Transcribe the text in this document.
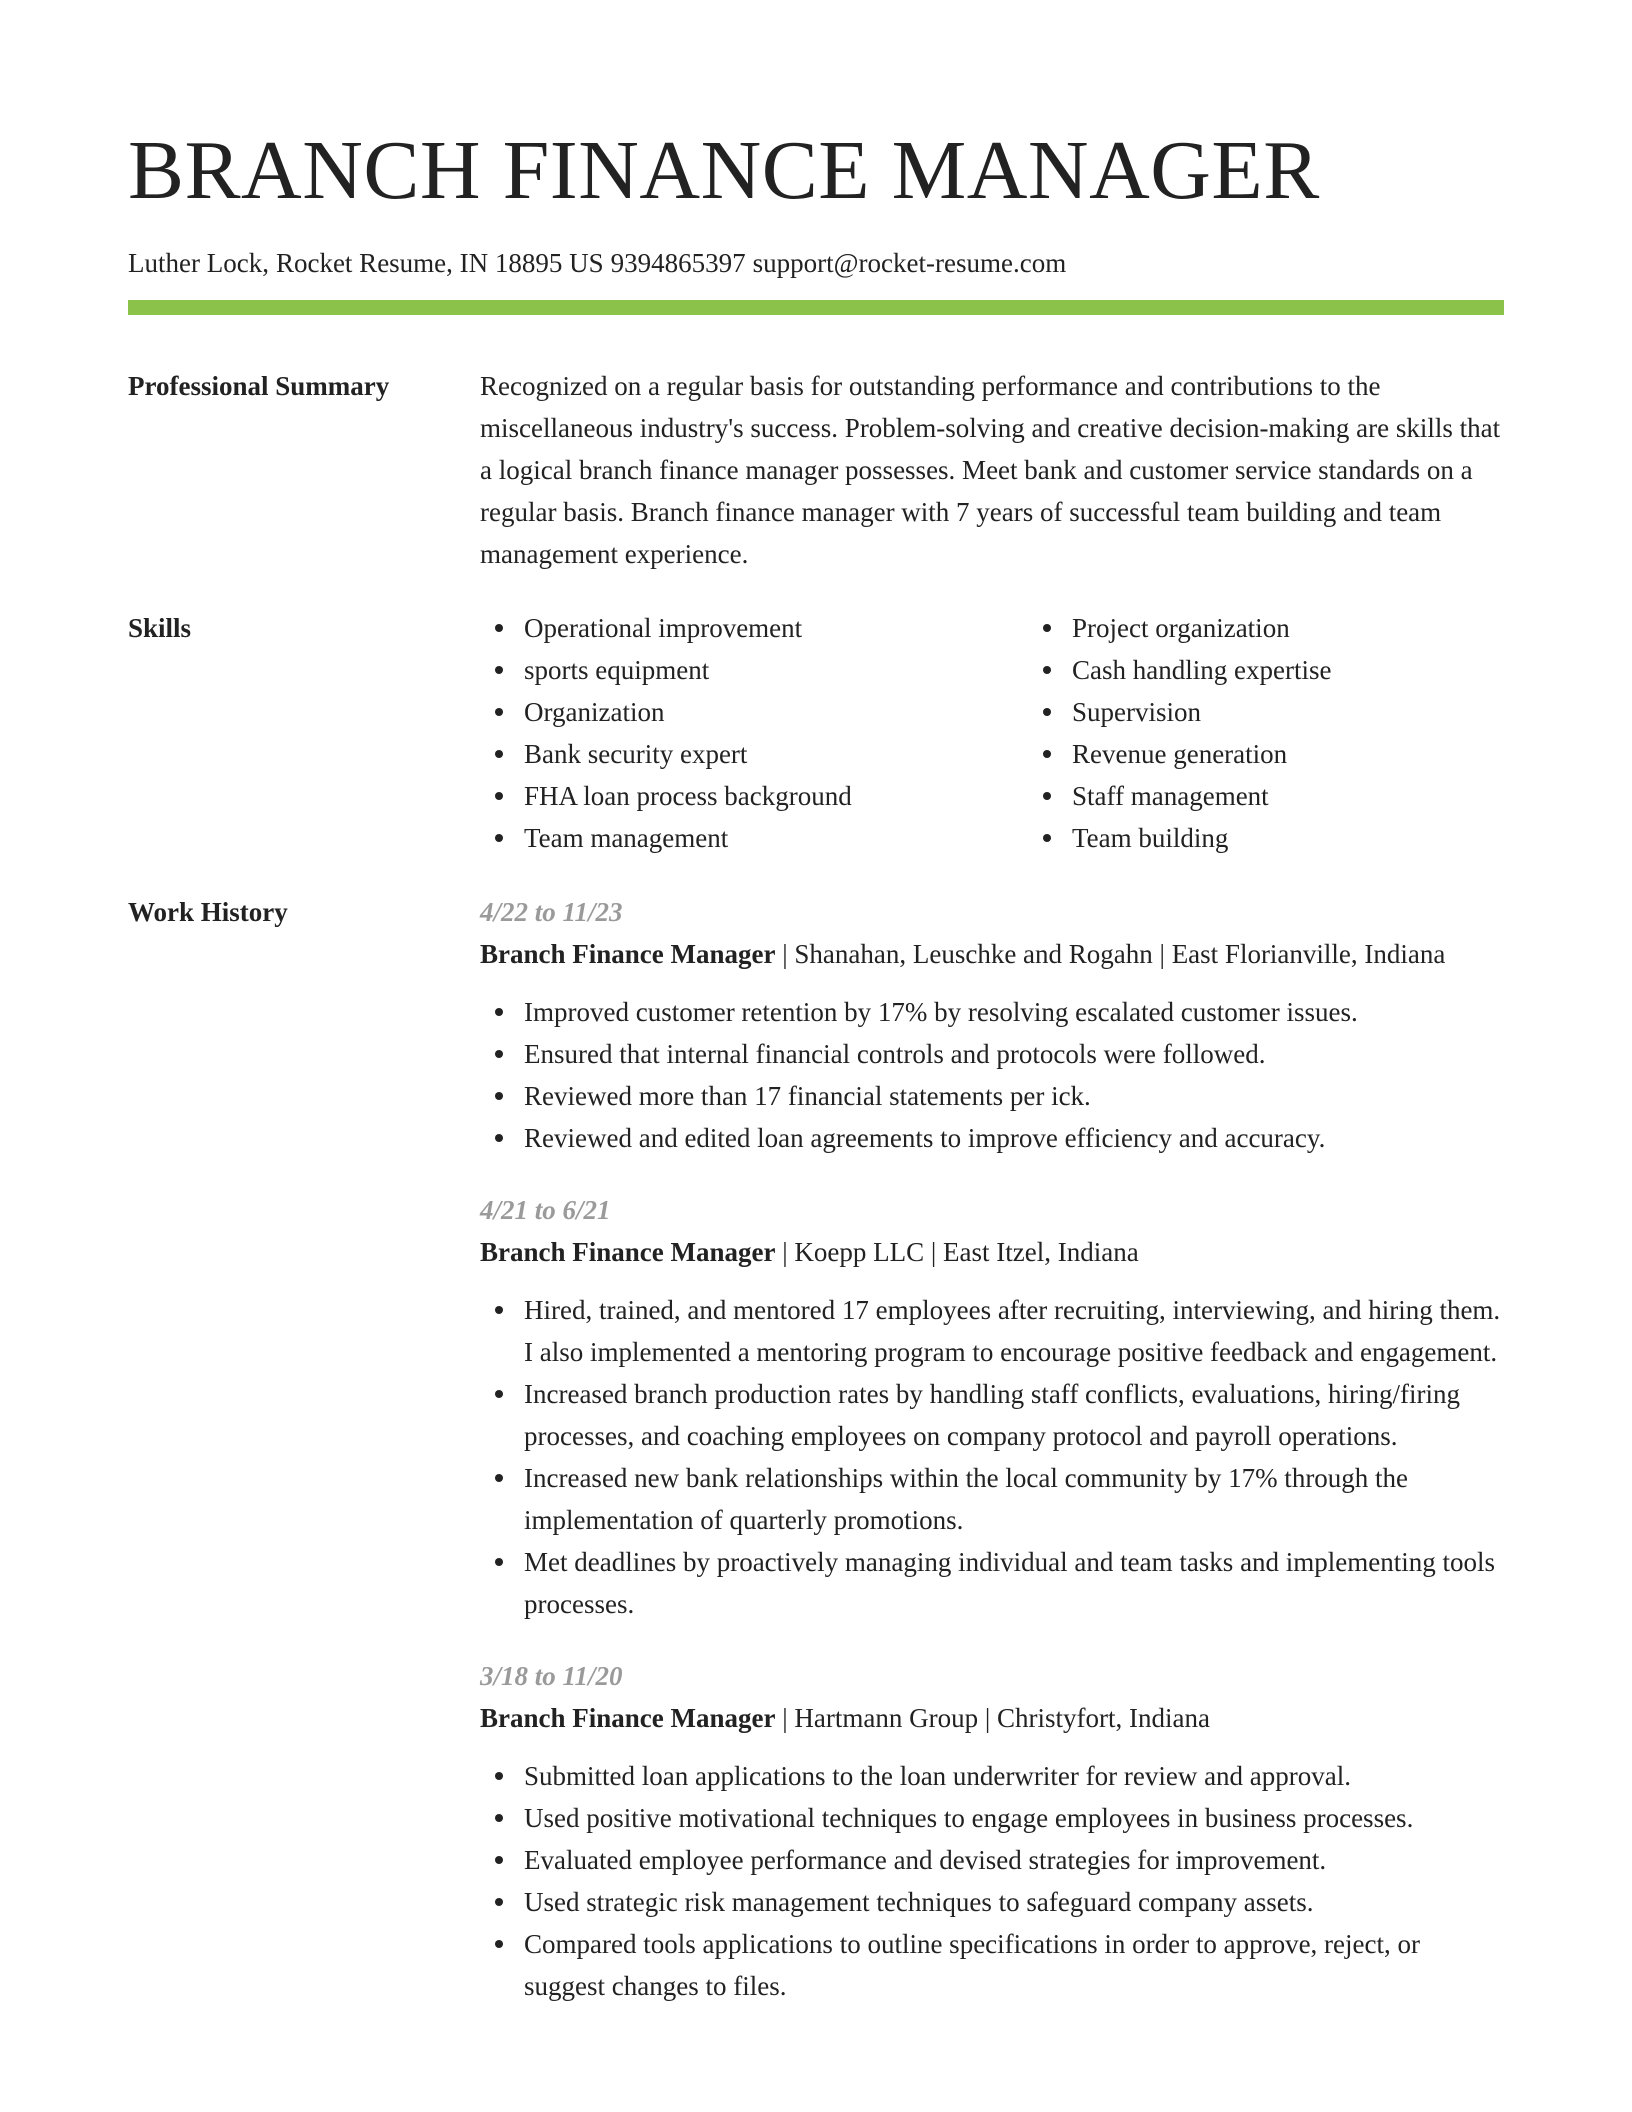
BRANCH FINANCE MANAGER
Luther Lock, Rocket Resume, IN 18895 US 9394865397 support@rocket-resume.com
Professional Summary	Recognized on a regular basis for outstanding performance and contributions to the miscellaneous industry's success. Problem-solving and creative decision-making are skills that a logical branch finance manager possesses. Meet bank and customer service standards on a regular basis. Branch finance manager with 7 years of successful team building and team management experience.
Skills	Operational improvement
sports equipment
Organization
Bank security expert
FHA loan process background
Team management
Project organization
Cash handling expertise
Supervision
Revenue generation
Staff management
Team building
Work History	4/22 to 11/23
Branch Finance Manager | Shanahan, Leuschke and Rogahn | East Florianville, Indiana
Improved customer retention by 17% by resolving escalated customer issues.
Ensured that internal financial controls and protocols were followed.
Reviewed more than 17 financial statements per ick.
Reviewed and edited loan agreements to improve efficiency and accuracy.
4/21 to 6/21
Branch Finance Manager | Koepp LLC | East Itzel, Indiana
Hired, trained, and mentored 17 employees after recruiting, interviewing, and hiring them. I also implemented a mentoring program to encourage positive feedback and engagement.
Increased branch production rates by handling staff conflicts, evaluations, hiring/firing processes, and coaching employees on company protocol and payroll operations.
Increased new bank relationships within the local community by 17% through the implementation of quarterly promotions.
Met deadlines by proactively managing individual and team tasks and implementing tools processes.
3/18 to 11/20
Branch Finance Manager | Hartmann Group | Christyfort, Indiana
Submitted loan applications to the loan underwriter for review and approval.
Used positive motivational techniques to engage employees in business processes.
Evaluated employee performance and devised strategies for improvement.
Used strategic risk management techniques to safeguard company assets.
Compared tools applications to outline specifications in order to approve, reject, or suggest changes to files.
